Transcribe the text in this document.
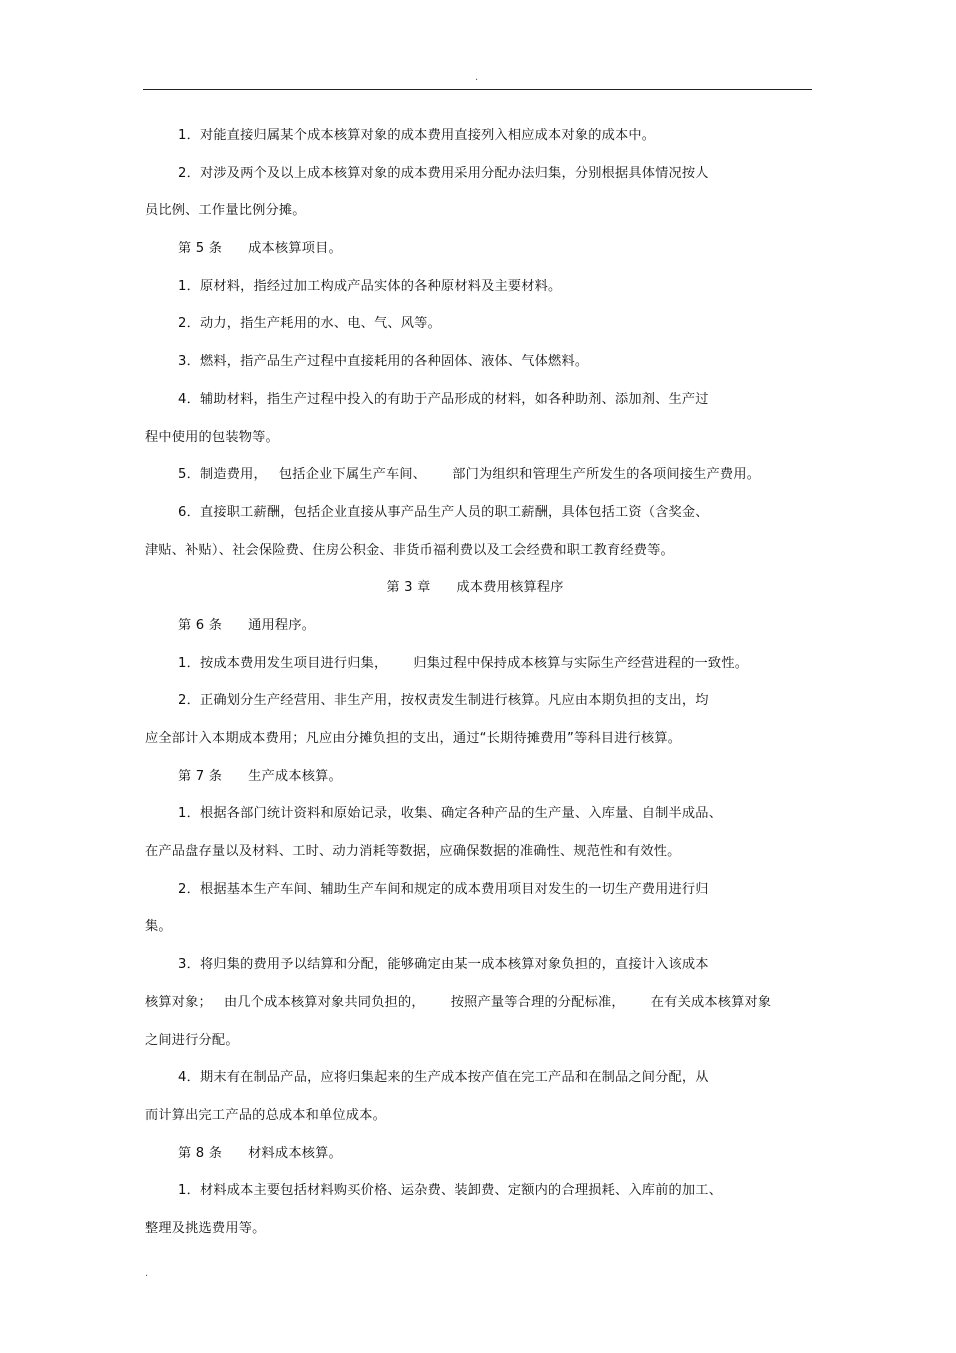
.
1．对能直接归属某个成本核算对象的成本费用直接列入相应成本对象的成本中。
2．对涉及两个及以上成本核算对象的成本费用采用分配办法归集，分别根据具体情况按人
员比例、工作量比例分摊。
第 5 条 成本核算项目。
1．原材料，指经过加工构成产品实体的各种原材料及主要材料。
2．动力，指生产耗用的水、电、气、风等。
3．燃料，指产品生产过程中直接耗用的各种固体、液体、气体燃料。
4．辅助材料，指生产过程中投入的有助于产品形成的材料，如各种助剂、添加剂、生产过
程中使用的包装物等。
5．制造费用， 包括企业下属生产车间、 部门为组织和管理生产所发生的各项间接生产费用。
6．直接职工薪酬，包括企业直接从事产品生产人员的职工薪酬，具体包括工资（含奖金、
津贴、补贴）、社会保险费、住房公积金、非货币福利费以及工会经费和职工教育经费等。
第 3 章 成本费用核算程序
第 6 条 通用程序。
1．按成本费用发生项目进行归集， 归集过程中保持成本核算与实际生产经营进程的一致性。
2．正确划分生产经营用、非生产用，按权责发生制进行核算。凡应由本期负担的支出，均
应全部计入本期成本费用；凡应由分摊负担的支出，通过“长期待摊费用”等科目进行核算。
第 7 条 生产成本核算。
1．根据各部门统计资料和原始记录，收集、确定各种产品的生产量、入库量、自制半成品、
在产品盘存量以及材料、工时、动力消耗等数据，应确保数据的准确性、规范性和有效性。
2．根据基本生产车间、辅助生产车间和规定的成本费用项目对发生的一切生产费用进行归
集。
3．将归集的费用予以结算和分配，能够确定由某一成本核算对象负担的，直接计入该成本
核算对象； 由几个成本核算对象共同负担的， 按照产量等合理的分配标准， 在有关成本核算对象
之间进行分配。
4．期末有在制品产品，应将归集起来的生产成本按产值在完工产品和在制品之间分配，从
而计算出完工产品的总成本和单位成本。
第 8 条 材料成本核算。
1．材料成本主要包括材料购买价格、运杂费、装卸费、定额内的合理损耗、入库前的加工、
整理及挑选费用等。
.
